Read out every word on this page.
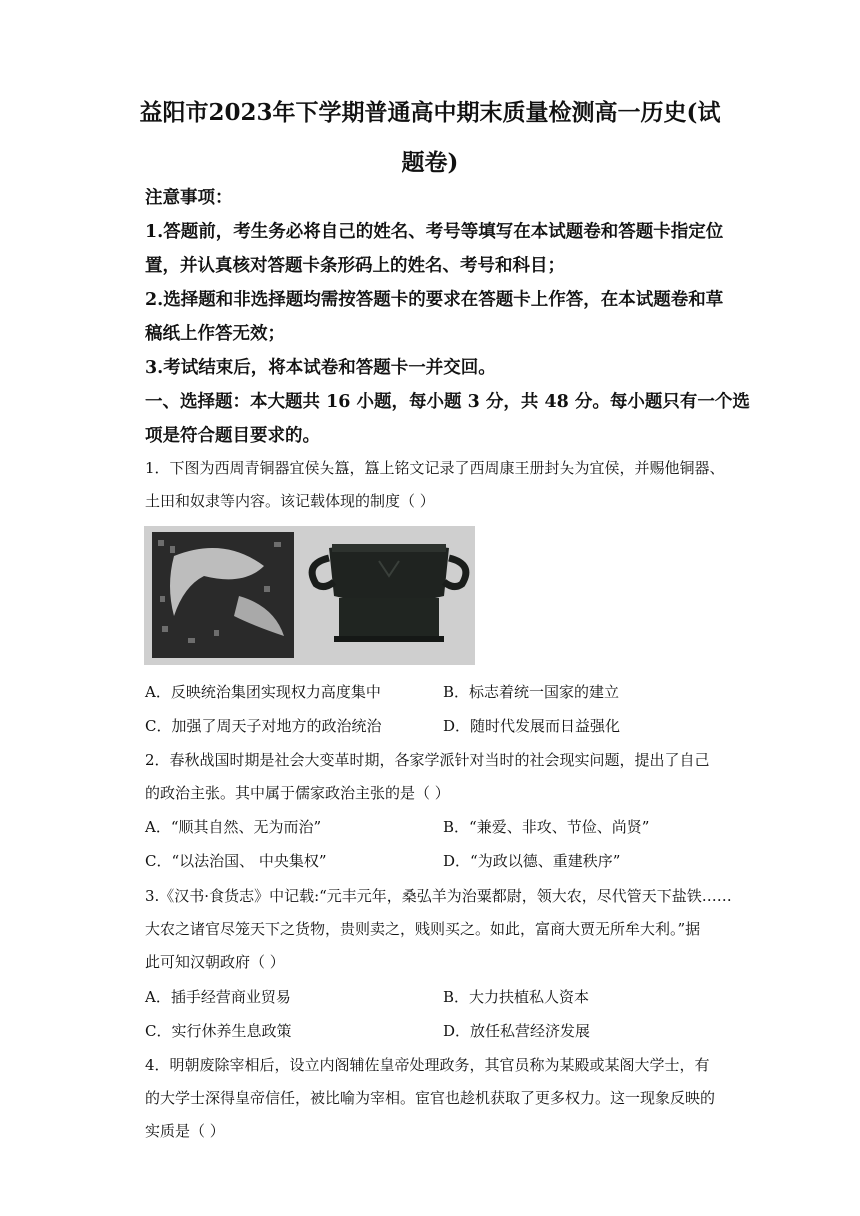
益阳市2023年下学期普通高中期末质量检测高一历史(试
题卷)
注意事项：
1.答题前，考生务必将自己的姓名、考号等填写在本试题卷和答题卡指定位
置，并认真核对答题卡条形码上的姓名、考号和科目；
2.选择题和非选择题均需按答题卡的要求在答题卡上作答，在本试题卷和草
稿纸上作答无效；
3.考试结束后，将本试卷和答题卡一并交回。
一、选择题：本大题共 16 小题，每小题 3 分，共 48 分。每小题只有一个选
项是符合题目要求的。
1．下图为西周青铜器宜侯夨簋，簋上铭文记录了西周康王册封夨为宜侯，并赐他铜器、
土田和奴隶等内容。该记载体现的制度（ ）
A．反映统治集团实现权力高度集中	B．标志着统一国家的建立
C．加强了周天子对地方的政治统治	D．随时代发展而日益强化
2．春秋战国时期是社会大变革时期，各家学派针对当时的社会现实问题，提出了自己
的政治主张。其中属于儒家政治主张的是（ ）
A．“顺其自然、无为而治”	B．“兼爱、非攻、节俭、尚贤”
C．“以法治国、 中央集权”	D．“为政以德、重建秩序”
3.《汉书·食货志》中记载:“元丰元年，桑弘羊为治粟都尉，领大农，尽代管天下盐铁……
大农之诸官尽笼天下之货物，贵则卖之，贱则买之。如此，富商大贾无所牟大利。”据
此可知汉朝政府（ ）
A．插手经营商业贸易	B．大力扶植私人资本
C．实行休养生息政策	D．放任私营经济发展
4．明朝废除宰相后，设立内阁辅佐皇帝处理政务，其官员称为某殿或某阁大学士，有
的大学士深得皇帝信任，被比喻为宰相。宦官也趁机获取了更多权力。这一现象反映的
实质是（ ）
